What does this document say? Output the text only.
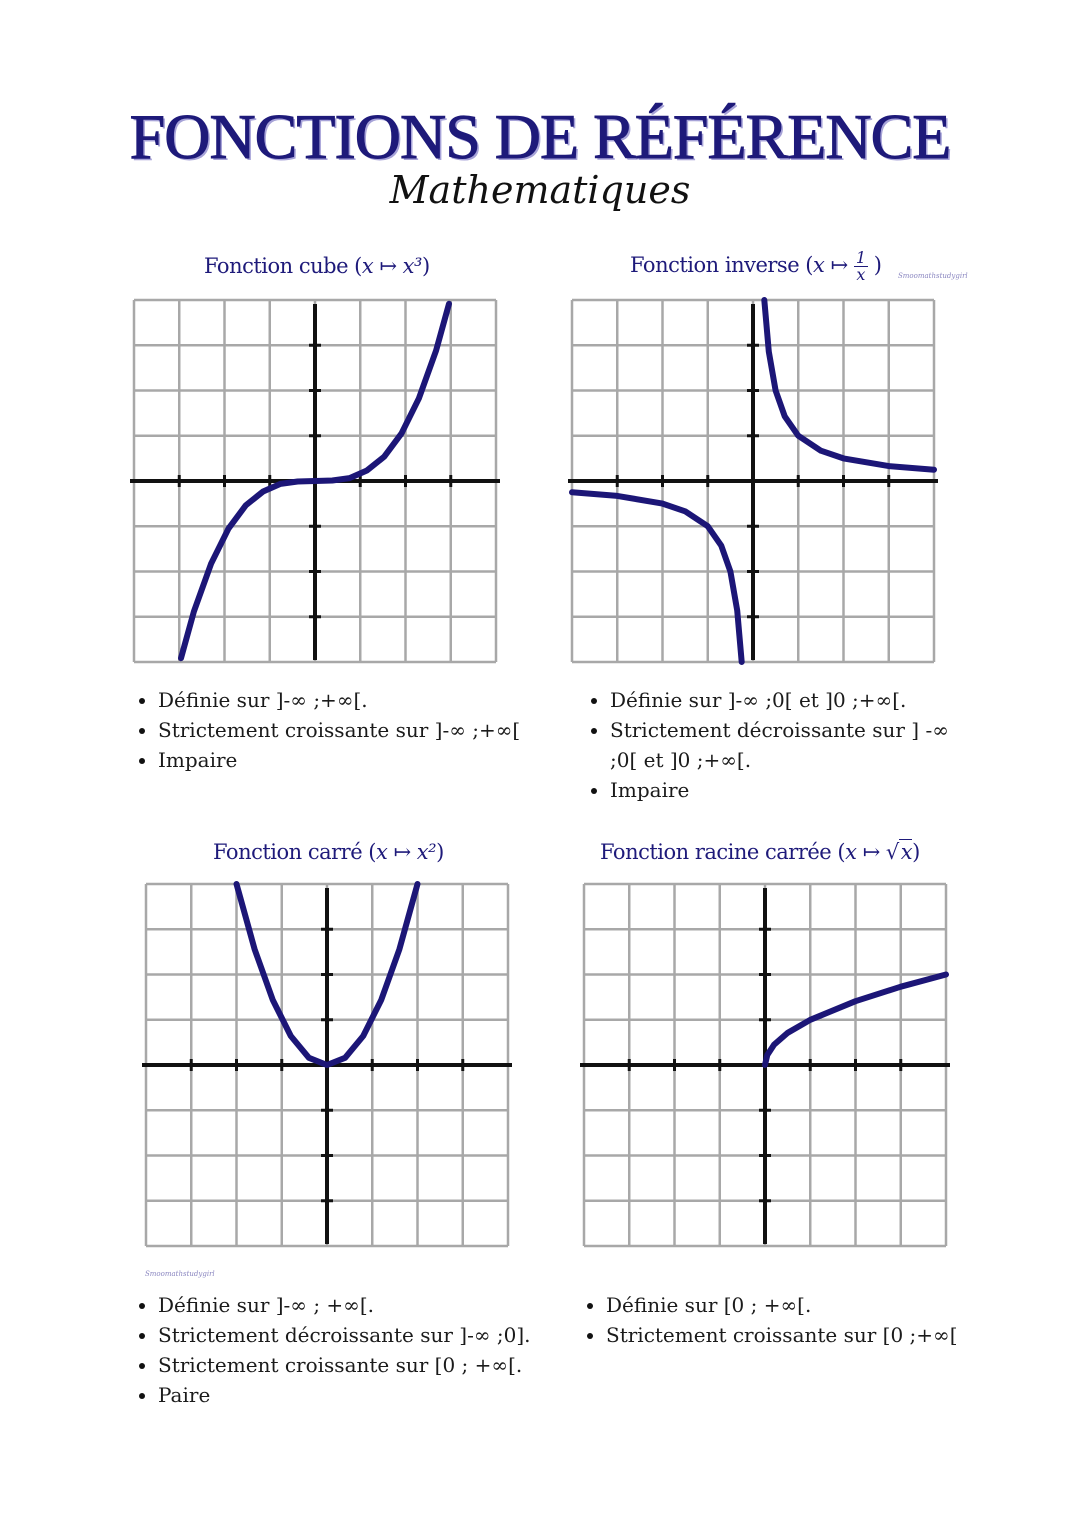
FONCTIONS DE RÉFÉRENCE
Mathematiques
Fonction cube (x ↦ x³)	Fonction inverse (x ↦ $\frac{1}{x}$ ) Smoomathstudygirl
Fonction carré (x ↦ x²)	Fonction racine carrée (x ↦ √x)
Smoomathstudygirl
• Définie sur ]-∞ ;+∞[.
• Strictement croissante sur ]-∞ ;+∞[
• Impaire
• Définie sur ]-∞ ;0[ et ]0 ;+∞[.
• Strictement décroissante sur ] -∞ ;0[ et ]0 ;+∞[.
• Impaire
• Définie sur ]-∞ ; +∞[.
• Strictement décroissante sur ]-∞ ;0].
• Strictement croissante sur [0 ; +∞[.
• Paire
• Définie sur [0 ; +∞[.
• Strictement croissante sur [0 ;+∞[
